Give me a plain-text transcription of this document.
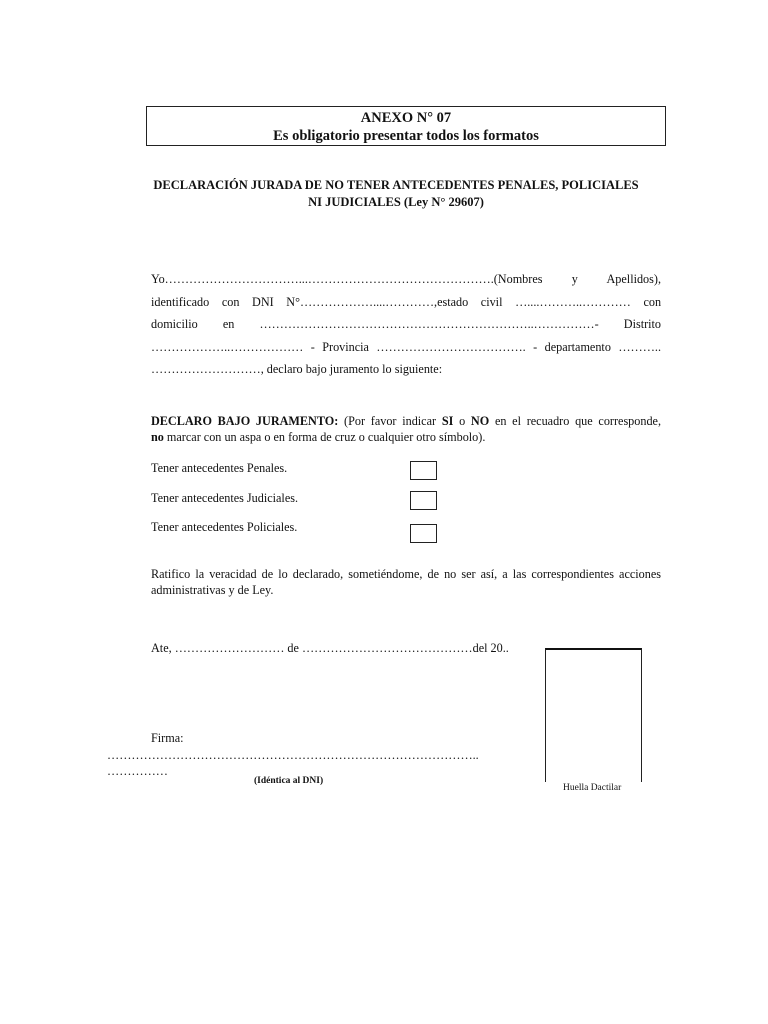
ANEXO N° 07
Es obligatorio presentar todos los formatos
DECLARACIÓN JURADA DE NO TENER ANTECEDENTES PENALES, POLICIALES
NI JUDICIALES (Ley N° 29607)
Yo……………………………...……………………………………….(Nombres y Apellidos),
identificado con DNI N°………………....…………,estado civil …....………..………… con
domicilio en …………………………………………………………..……………- Distrito
………………..……………… - Provincia ………………………………. - departamento ………..
………………………, declaro bajo juramento lo siguiente:
DECLARO BAJO JURAMENTO: (Por favor indicar SI o NO en el recuadro que corresponde,
no marcar con un aspa o en forma de cruz o cualquier otro símbolo).
Tener antecedentes Penales.
Tener antecedentes Judiciales.
Tener antecedentes Policiales.
Ratifico la veracidad de lo declarado, sometiéndome, de no ser así, a las correspondientes acciones
administrativas y de Ley.
Ate, ……………………… de ……………………………………del 20..
Firma:
………………………………………………………………………………..
……………
(Idéntica al DNI)
Huella Dactilar
